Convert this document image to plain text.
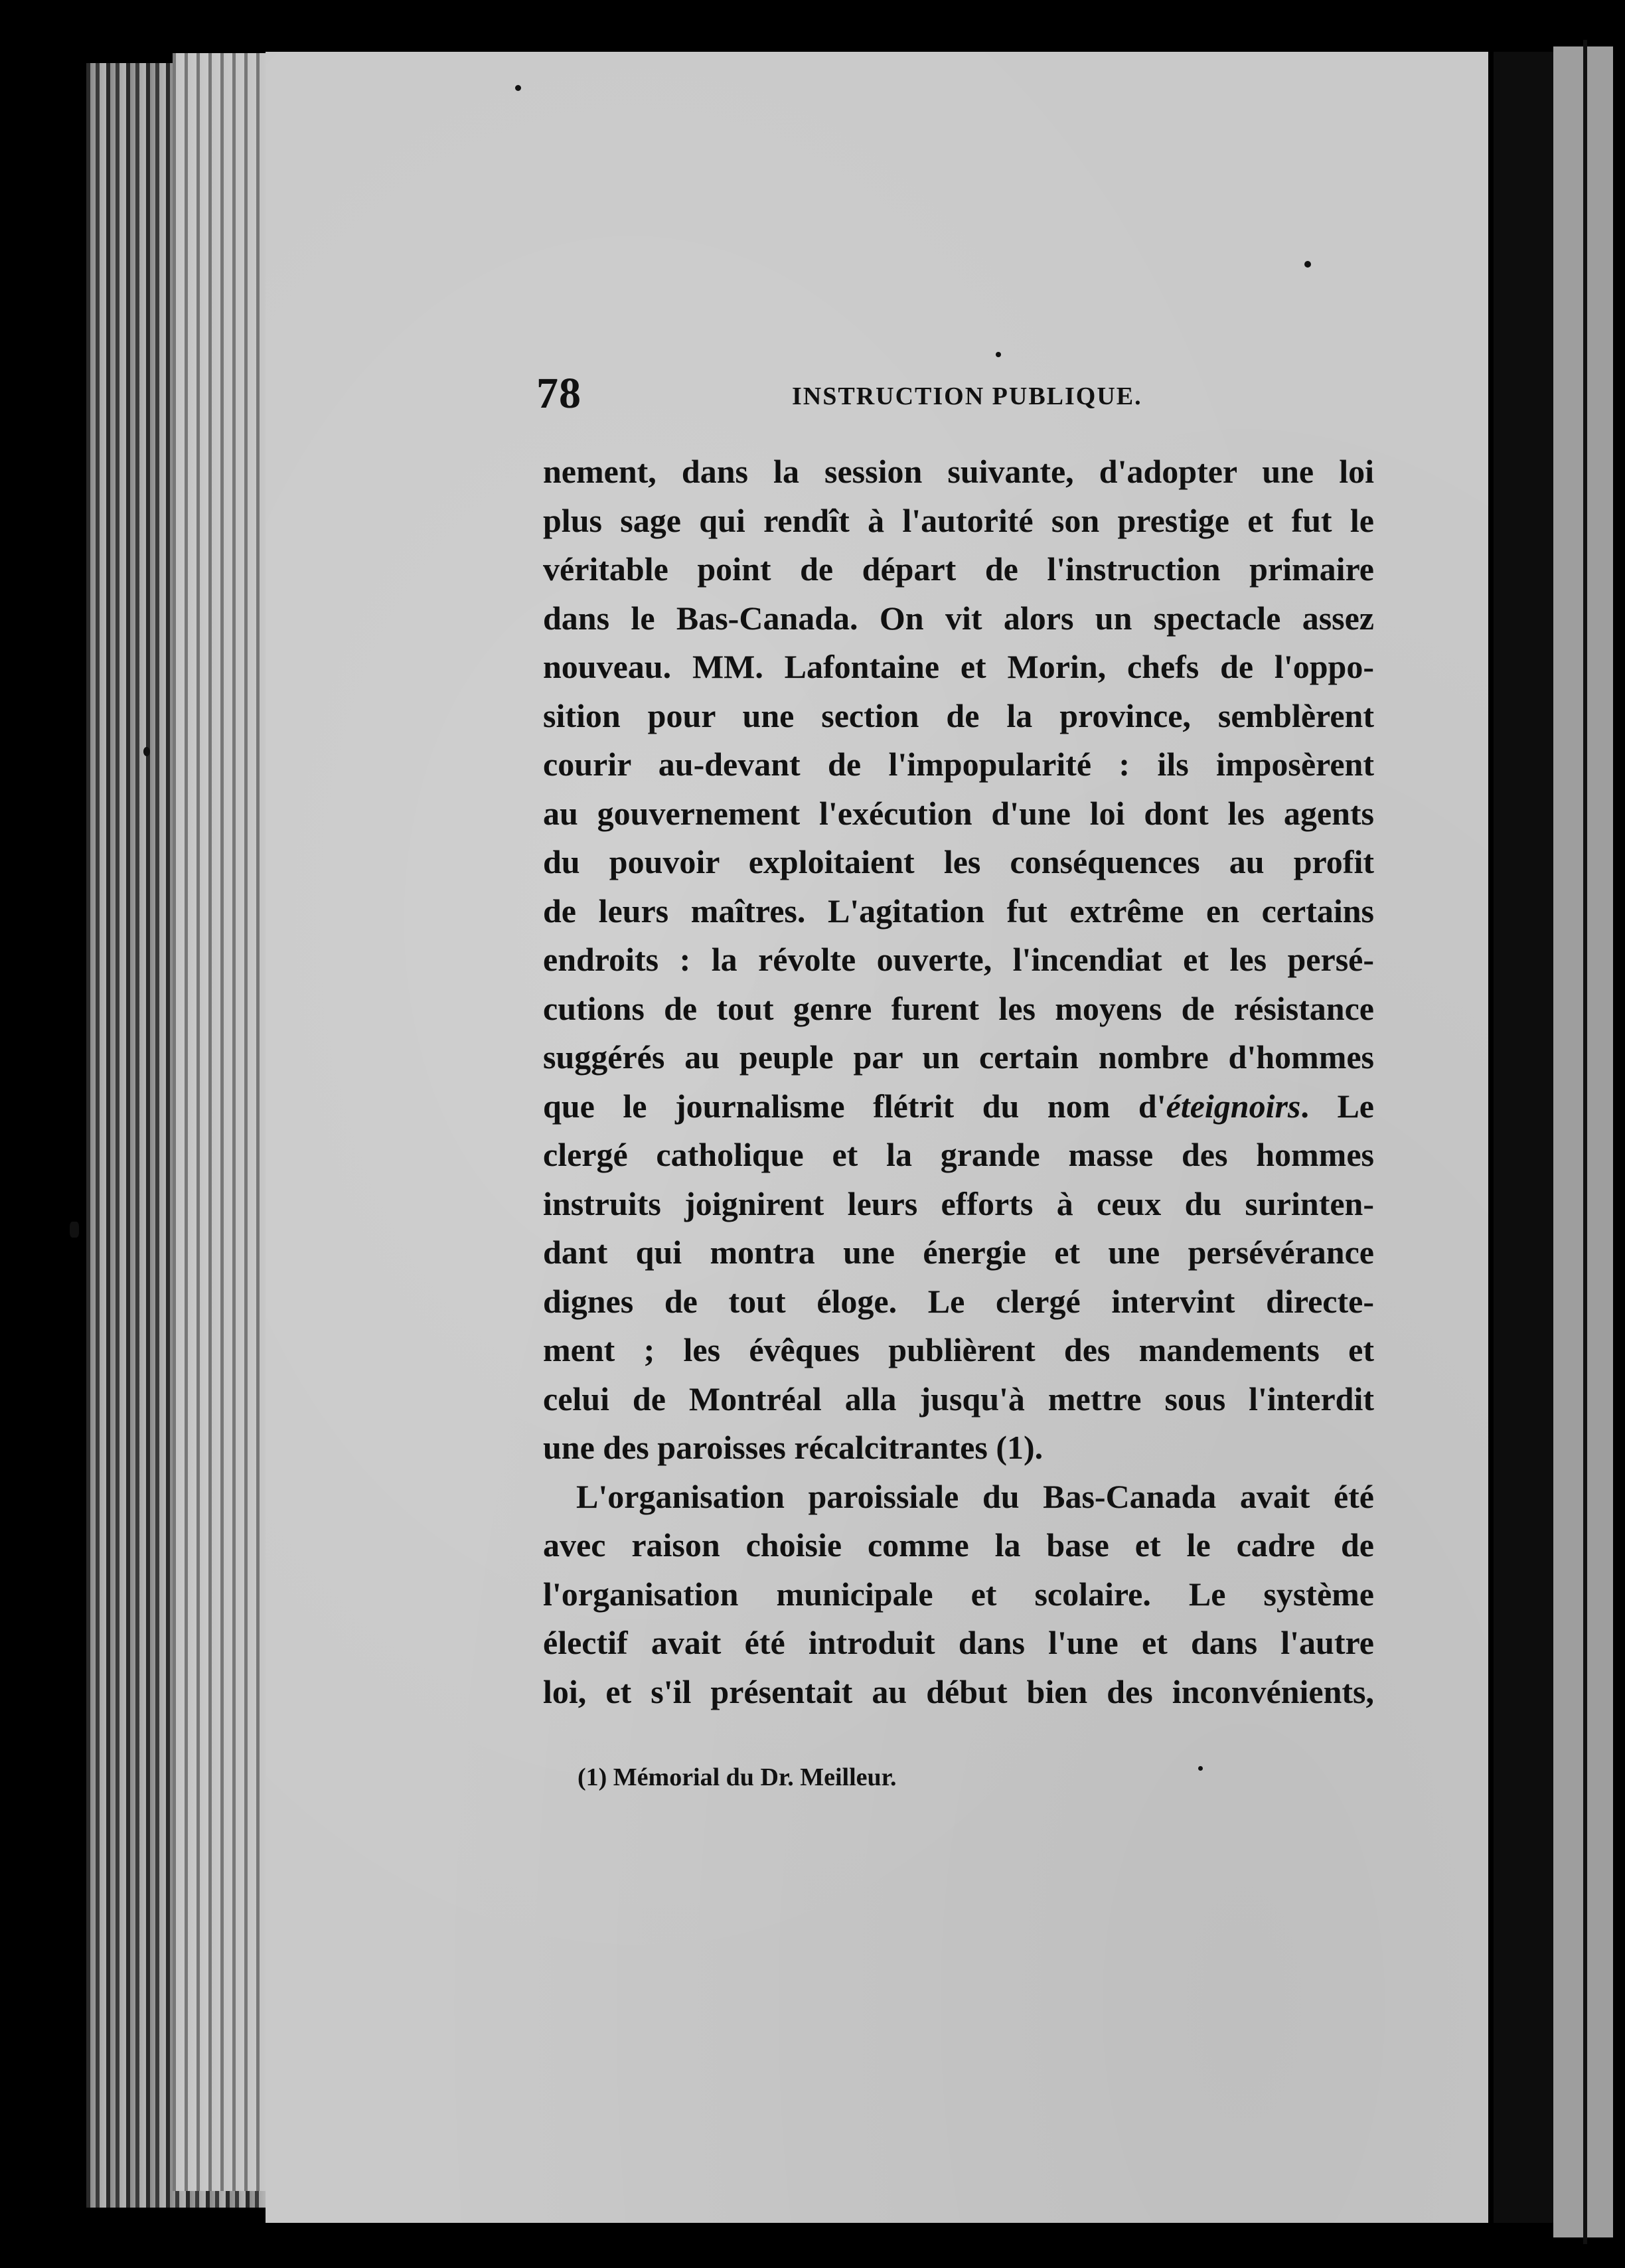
78	INSTRUCTION PUBLIQUE.
nement, dans la session suivante, d'adopter une loi
plus sage qui rendît à l'autorité son prestige et fut le
véritable point de départ de l'instruction primaire
dans le Bas-Canada. On vit alors un spectacle assez
nouveau. MM. Lafontaine et Morin, chefs de l'oppo-
sition pour une section de la province, semblèrent
courir au-devant de l'impopularité : ils imposèrent
au gouvernement l'exécution d'une loi dont les agents
du pouvoir exploitaient les conséquences au profit
de leurs maîtres. L'agitation fut extrême en certains
endroits : la révolte ouverte, l'incendiat et les persé-
cutions de tout genre furent les moyens de résistance
suggérés au peuple par un certain nombre d'hommes
que le journalisme flétrit du nom d'éteignoirs. Le
clergé catholique et la grande masse des hommes
instruits joignirent leurs efforts à ceux du surinten-
dant qui montra une énergie et une persévérance
dignes de tout éloge. Le clergé intervint directe-
ment ; les évêques publièrent des mandements et
celui de Montréal alla jusqu'à mettre sous l'interdit
une des paroisses récalcitrantes (1).
L'organisation paroissiale du Bas-Canada avait été
avec raison choisie comme la base et le cadre de
l'organisation municipale et scolaire. Le système
électif avait été introduit dans l'une et dans l'autre
loi, et s'il présentait au début bien des inconvénients,
(1) Mémorial du Dr. Meilleur.
